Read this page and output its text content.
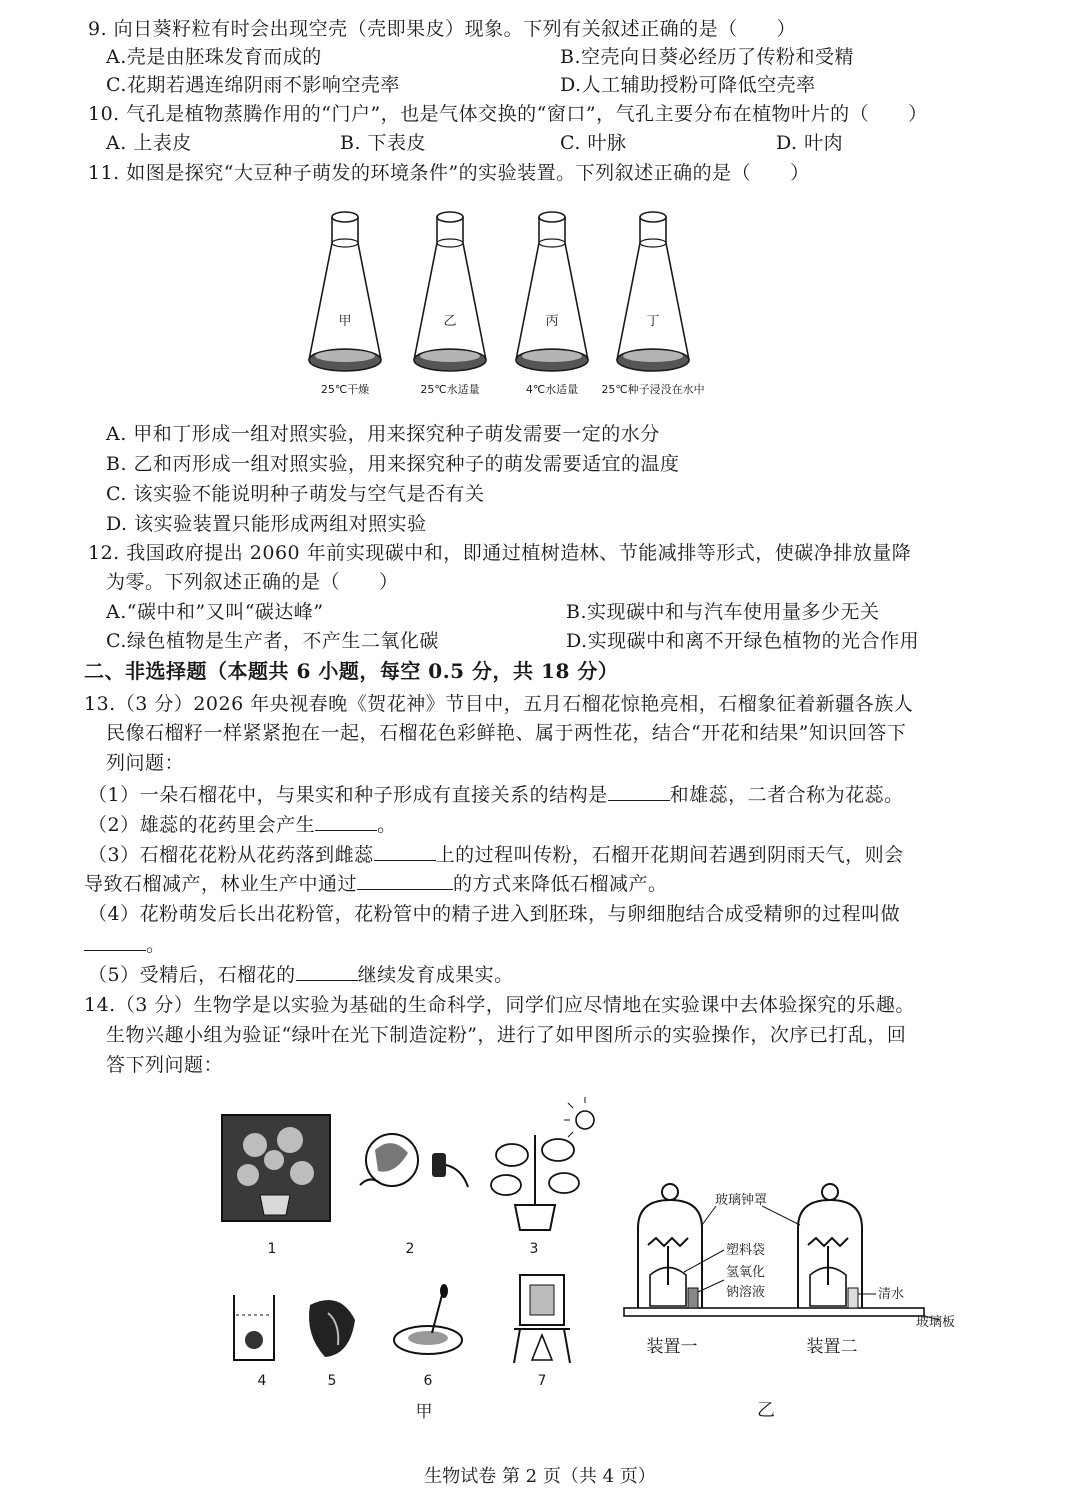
9. 向日葵籽粒有时会出现空壳（壳即果皮）现象。下列有关叙述正确的是（　　）
A.壳是由胚珠发育而成的	B.空壳向日葵必经历了传粉和受精
C.花期若遇连绵阴雨不影响空壳率	D.人工辅助授粉可降低空壳率
10. 气孔是植物蒸腾作用的“门户”，也是气体交换的“窗口”，气孔主要分布在植物叶片的（　　）
A. 上表皮	B. 下表皮	C. 叶脉	D. 叶肉
11. 如图是探究“大豆种子萌发的环境条件”的实验装置。下列叙述正确的是（　　）
甲
25℃干燥
乙
25℃水适量
丙
4℃水适量
丁
25℃种子浸没在水中
A. 甲和丁形成一组对照实验，用来探究种子萌发需要一定的水分
B. 乙和丙形成一组对照实验，用来探究种子的萌发需要适宜的温度
C. 该实验不能说明种子萌发与空气是否有关
D. 该实验装置只能形成两组对照实验
12. 我国政府提出 2060 年前实现碳中和，即通过植树造林、节能减排等形式，使碳净排放量降
为零。下列叙述正确的是（　　）
A.“碳中和”又叫“碳达峰”	B.实现碳中和与汽车使用量多少无关
C.绿色植物是生产者，不产生二氧化碳	D.实现碳中和离不开绿色植物的光合作用
二、非选择题（本题共 6 小题，每空 0.5 分，共 18 分）
13.（3 分）2026 年央视春晚《贺花神》节目中，五月石榴花惊艳亮相，石榴象征着新疆各族人
民像石榴籽一样紧紧抱在一起，石榴花色彩鲜艳、属于两性花，结合“开花和结果”知识回答下
列问题：
（1）一朵石榴花中，与果实和种子形成有直接关系的结构是	和雄蕊，二者合称为花蕊。
（2）雄蕊的花药里会产生	。
（3）石榴花花粉从花药落到雌蕊	上的过程叫传粉，石榴开花期间若遇到阴雨天气，则会
导致石榴减产，林业生产中通过	的方式来降低石榴减产。
（4）花粉萌发后长出花粉管，花粉管中的精子进入到胚珠，与卵细胞结合成受精卵的过程叫做
。
（5）受精后，石榴花的	继续发育成果实。
14.（3 分）生物学是以实验为基础的生命科学，同学们应尽情地在实验课中去体验探究的乐趣。
生物兴趣小组为验证“绿叶在光下制造淀粉”，进行了如甲图所示的实验操作，次序已打乱，回
答下列问题：
1	2	3
4	5	6	7
甲
玻璃钟罩
塑料袋
氢氧化
钠溶液	清水
玻璃板
装置一	装置二
乙
生物试卷 第 2 页（共 4 页）
